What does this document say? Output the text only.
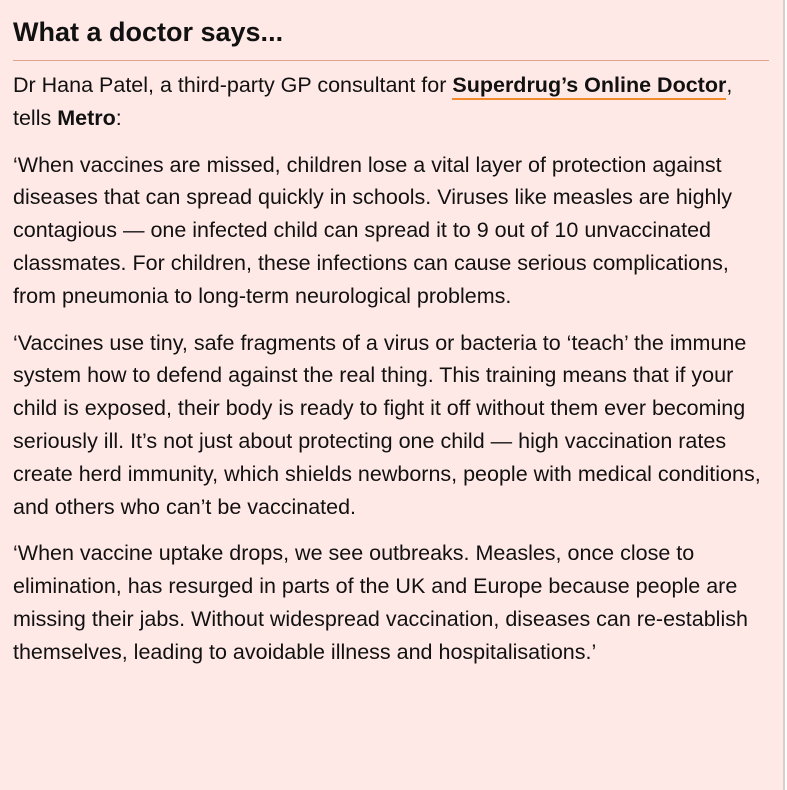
What a doctor says...

Dr Hana Patel, a third-party GP consultant for Superdrug’s Online Doctor, tells Metro:

‘When vaccines are missed, children lose a vital layer of protection against diseases that can spread quickly in schools. Viruses like measles are highly contagious — one infected child can spread it to 9 out of 10 unvaccinated classmates. For children, these infections can cause serious complications, from pneumonia to long-term neurological problems.

‘Vaccines use tiny, safe fragments of a virus or bacteria to ‘teach’ the immune system how to defend against the real thing. This training means that if your child is exposed, their body is ready to fight it off without them ever becoming seriously ill. It’s not just about protecting one child — high vaccination rates create herd immunity, which shields newborns, people with medical conditions, and others who can’t be vaccinated.

‘When vaccine uptake drops, we see outbreaks. Measles, once close to elimination, has resurged in parts of the UK and Europe because people are missing their jabs. Without widespread vaccination, diseases can re-establish themselves, leading to avoidable illness and hospitalisations.’
